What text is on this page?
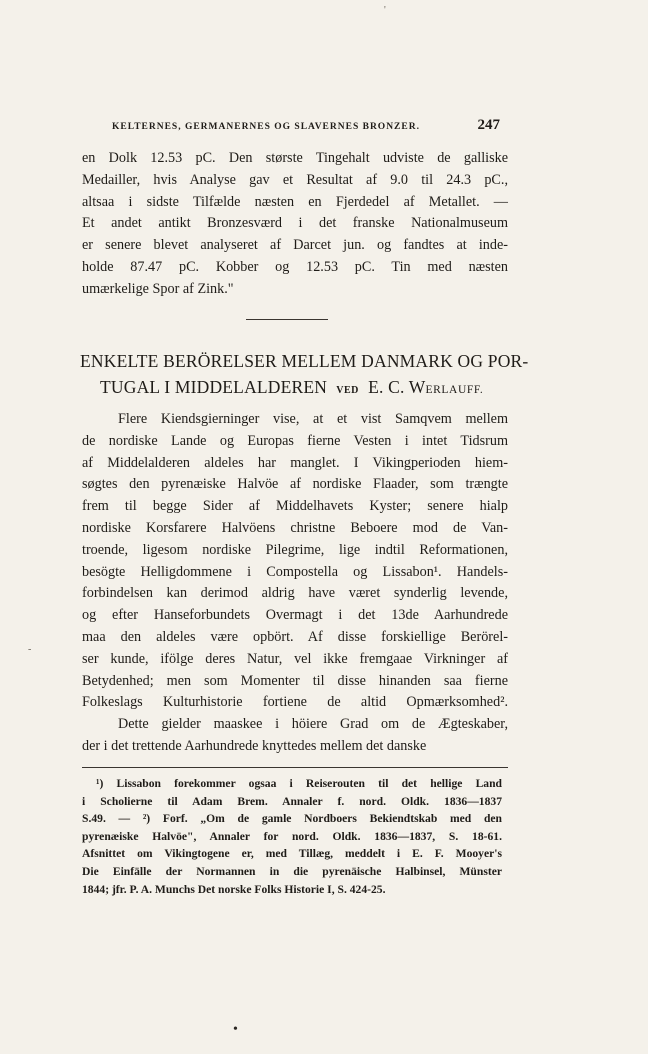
KELTERNES, GERMANERNES OG SLAVERNES BRONZER.	247
en Dolk 12.53 pC. Den største Tingehalt udviste de galliske
Medailler, hvis Analyse gav et Resultat af 9.0 til 24.3 pC.,
altsaa i sidste Tilfælde næsten en Fjerdedel af Metallet. —
Et andet antikt Bronzesværd i det franske Nationalmuseum
er senere blevet analyseret af Darcet jun. og fandtes at inde-
holde 87.47 pC. Kobber og 12.53 pC. Tin med næsten
umærkelige Spor af Zink."
ENKELTE BERÖRELSER MELLEM DANMARK OG POR-
TUGAL I MIDDELALDEREN VED E. C. WERLAUFF.
Flere Kiendsgierninger vise, at et vist Samqvem mellem
de nordiske Lande og Europas fierne Vesten i intet Tidsrum
af Middelalderen aldeles har manglet. I Vikingperioden hiem-
søgtes den pyrenæiske Halvöe af nordiske Flaader, som trængte
frem til begge Sider af Middelhavets Kyster; senere hialp
nordiske Korsfarere Halvöens christne Beboere mod de Van-
troende, ligesom nordiske Pilegrime, lige indtil Reformationen,
besögte Helligdommene i Compostella og Lissabon¹. Handels-
forbindelsen kan derimod aldrig have været synderlig levende,
og efter Hanseforbundets Overmagt i det 13de Aarhundrede
maa den aldeles være opbört. Af disse forskiellige Berörel-
ser kunde, ifölge deres Natur, vel ikke fremgaae Virkninger af
Betydenhed; men som Momenter til disse hinanden saa fierne
Folkeslags Kulturhistorie fortiene de altid Opmærksomhed².
Dette gielder maaskee i höiere Grad om de Ægteskaber,
der i det trettende Aarhundrede knyttedes mellem det danske
¹) Lissabon forekommer ogsaa i Reiserouten til det hellige Land
i Scholierne til Adam Brem. Annaler f. nord. Oldk. 1836—1837
S.49. — ²) Forf. „Om de gamle Nordboers Bekiendtskab med den
pyrenæiske Halvöe", Annaler for nord. Oldk. 1836—1837, S. 18-61.
Afsnittet om Vikingtogene er, med Tillæg, meddelt i E. F. Mooyer's
Die Einfälle der Normannen in die pyrenäische Halbinsel, Münster
1844; jfr. P. A. Munchs Det norske Folks Historie I, S. 424-25.
'
-
•
